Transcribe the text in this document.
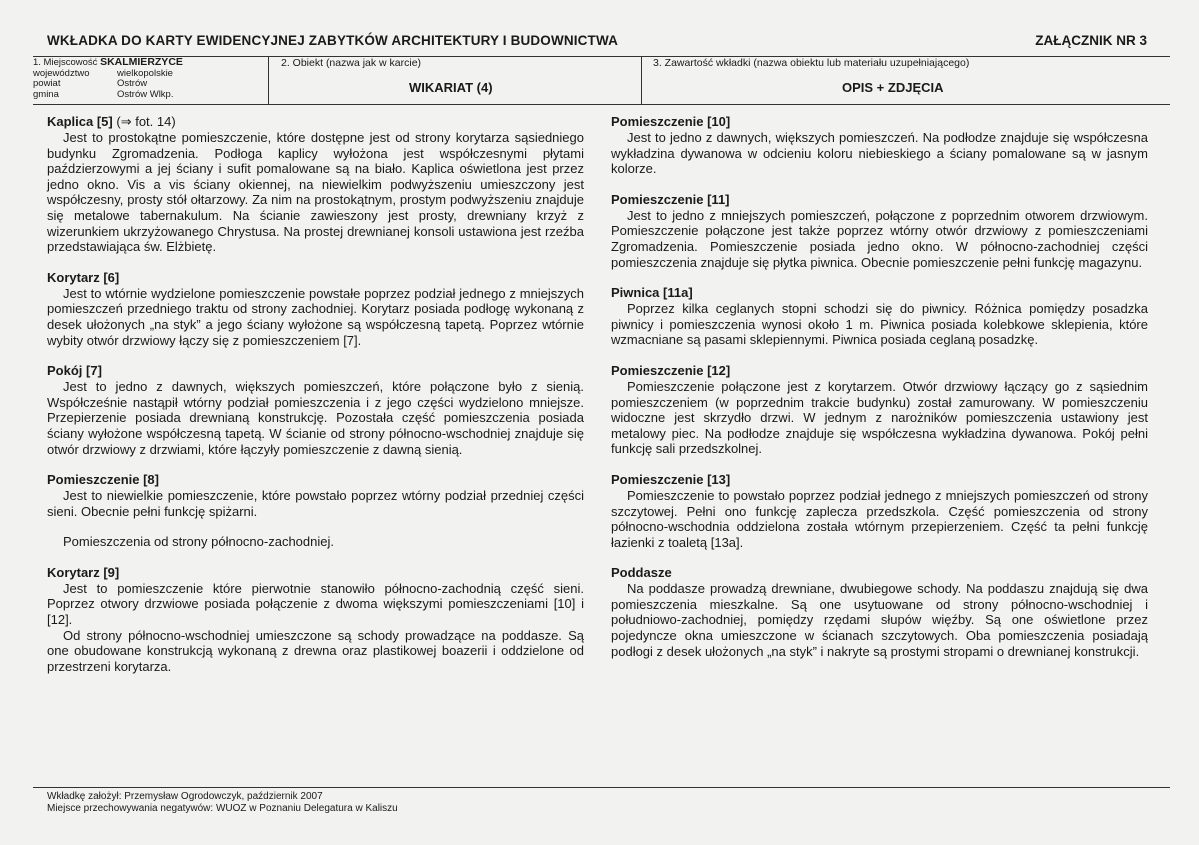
WKŁADKA DO KARTY EWIDENCYJNEJ ZABYTKÓW ARCHITEKTURY I BUDOWNICTWA	ZAŁĄCZNIK NR 3
1. Miejscowość SKALMIERZYCE
województwo	wielkopolskie
powiat	Ostrów
gmina	Ostrów Wlkp.
2. Obiekt (nazwa jak w karcie)
WIKARIAT (4)
3. Zawartość wkładki (nazwa obiektu lub materiału uzupełniającego)
OPIS + ZDJĘCIA
Kaplica [5] (⇒ fot. 14)

Jest to prostokątne pomieszczenie, które dostępne jest od strony korytarza sąsiedniego budynku Zgromadzenia. Podłoga kaplicy wyłożona jest współczesnymi płytami paździerzowymi a jej ściany i sufit pomalowane są na biało. Kaplica oświetlona jest przez jedno okno. Vis a vis ściany okiennej, na niewielkim podwyższeniu umieszczony jest współczesny, prosty stół ołtarzowy. Za nim na prostokątnym, prostym podwyższeniu znajduje się metalowe tabernakulum. Na ścianie zawieszony jest prosty, drewniany krzyż z wizerunkiem ukrzyżowanego Chrystusa. Na prostej drewnianej konsoli ustawiona jest rzeźba przedstawiająca św. Elżbietę.

Korytarz [6]

Jest to wtórnie wydzielone pomieszczenie powstałe poprzez podział jednego z mniejszych pomieszczeń przedniego traktu od strony zachodniej. Korytarz posiada podłogę wykonaną z desek ułożonych „na styk” a jego ściany wyłożone są współczesną tapetą. Poprzez wtórnie wybity otwór drzwiowy łączy się z pomieszczeniem [7].

Pokój [7]

Jest to jedno z dawnych, większych pomieszczeń, które połączone było z sienią. Współcześnie nastąpił wtórny podział pomieszczenia i z jego części wydzielono mniejsze. Przepierzenie posiada drewnianą konstrukcję. Pozostała część pomieszczenia posiada ściany wyłożone współczesną tapetą. W ścianie od strony północno-wschodniej znajduje się otwór drzwiowy z drzwiami, które łączyły pomieszczenie z dawną sienią.

Pomieszczenie [8]

Jest to niewielkie pomieszczenie, które powstało poprzez wtórny podział przedniej części sieni. Obecnie pełni funkcję spiżarni.

Pomieszczenia od strony północno-zachodniej.

Korytarz [9]

Jest to pomieszczenie które pierwotnie stanowiło północno-zachodnią część sieni. Poprzez otwory drzwiowe posiada połączenie z dwoma większymi pomieszczeniami [10] i [12].

Od strony północno-wschodniej umieszczone są schody prowadzące na poddasze. Są one obudowane konstrukcją wykonaną z drewna oraz plastikowej boazerii i oddzielone od przestrzeni korytarza.

Pomieszczenie [10]

Jest to jedno z dawnych, większych pomieszczeń. Na podłodze znajduje się współczesna wykładzina dywanowa w odcieniu koloru niebieskiego a ściany pomalowane są w jasnym kolorze.

Pomieszczenie [11]

Jest to jedno z mniejszych pomieszczeń, połączone z poprzednim otworem drzwiowym. Pomieszczenie połączone jest także poprzez wtórny otwór drzwiowy z pomieszczeniami Zgromadzenia. Pomieszczenie posiada jedno okno. W północno-zachodniej części pomieszczenia znajduje się płytka piwnica. Obecnie pomieszczenie pełni funkcję magazynu.

Piwnica [11a]

Poprzez kilka ceglanych stopni schodzi się do piwnicy. Różnica pomiędzy posadzka piwnicy i pomieszczenia wynosi około 1 m. Piwnica posiada kolebkowe sklepienia, które wzmacniane są pasami sklepiennymi. Piwnica posiada ceglaną posadzkę.

Pomieszczenie [12]

Pomieszczenie połączone jest z korytarzem. Otwór drzwiowy łączący go z sąsiednim pomieszczeniem (w poprzednim trakcie budynku) został zamurowany. W pomieszczeniu widoczne jest skrzydło drzwi. W jednym z narożników pomieszczenia ustawiony jest metalowy piec. Na podłodze znajduje się współczesna wykładzina dywanowa. Pokój pełni funkcję sali przedszkolnej.

Pomieszczenie [13]

Pomieszczenie to powstało poprzez podział jednego z mniejszych pomieszczeń od strony szczytowej. Pełni ono funkcję zaplecza przedszkola. Część pomieszczenia od strony północno-wschodnia oddzielona została wtórnym przepierzeniem. Część ta pełni funkcję łazienki z toaletą [13a].

Poddasze

Na poddasze prowadzą drewniane, dwubiegowe schody. Na poddaszu znajdują się dwa pomieszczenia mieszkalne. Są one usytuowane od strony północno-wschodniej i południowo-zachodniej, pomiędzy rzędami słupów więźby. Są one oświetlone przez pojedyncze okna umieszczone w ścianach szczytowych. Oba pomieszczenia posiadają podłogi z desek ułożonych „na styk” i nakryte są prostymi stropami o drewnianej konstrukcji.

Wkładkę założył: Przemysław Ogrodowczyk, październik 2007
Miejsce przechowywania negatywów: WUOZ w Poznaniu Delegatura w Kaliszu
